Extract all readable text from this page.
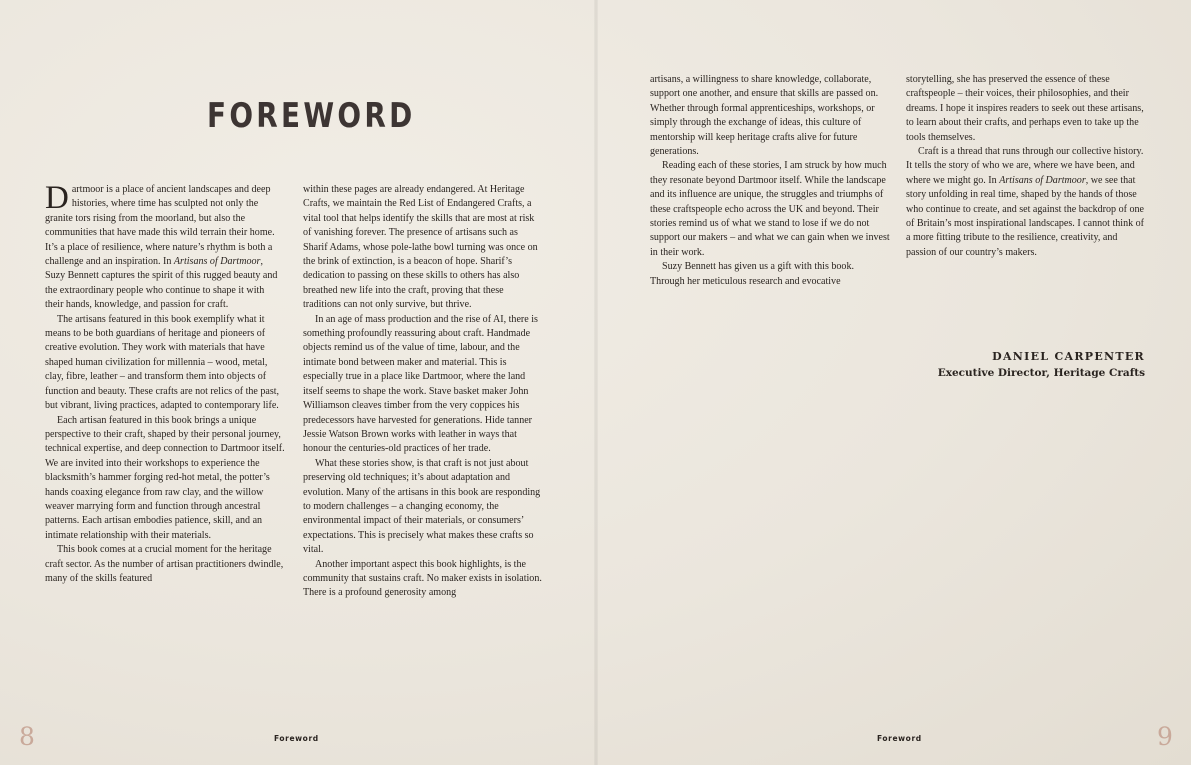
FOREWORD

Dartmoor is a place of ancient landscapes and deep histories, where time has sculpted not only the granite tors rising from the moorland, but also the communities that have made this wild terrain their home. It’s a place of resilience, where nature’s rhythm is both a challenge and an inspiration. In Artisans of Dartmoor, Suzy Bennett captures the spirit of this rugged beauty and the extraordinary people who continue to shape it with their hands, knowledge, and passion for craft.

The artisans featured in this book exemplify what it means to be both guardians of heritage and pioneers of creative evolution. They work with materials that have shaped human civilization for millennia – wood, metal, clay, fibre, leather – and transform them into objects of function and beauty. These crafts are not relics of the past, but vibrant, living practices, adapted to contemporary life.

Each artisan featured in this book brings a unique perspective to their craft, shaped by their personal journey, technical expertise, and deep connection to Dartmoor itself. We are invited into their workshops to experience the blacksmith’s hammer forging red-hot metal, the potter’s hands coaxing elegance from raw clay, and the willow weaver marrying form and function through ancestral patterns. Each artisan embodies patience, skill, and an intimate relationship with their materials.

This book comes at a crucial moment for the heritage craft sector. As the number of artisan practitioners dwindle, many of the skills featured

within these pages are already endangered. At Heritage Crafts, we maintain the Red List of Endangered Crafts, a vital tool that helps identify the skills that are most at risk of vanishing forever. The presence of artisans such as Sharif Adams, whose pole-lathe bowl turning was once on the brink of extinction, is a beacon of hope. Sharif’s dedication to passing on these skills to others has also breathed new life into the craft, proving that these traditions can not only survive, but thrive.

In an age of mass production and the rise of AI, there is something profoundly reassuring about craft. Handmade objects remind us of the value of time, labour, and the intimate bond between maker and material. This is especially true in a place like Dartmoor, where the land itself seems to shape the work. Stave basket maker John Williamson cleaves timber from the very coppices his predecessors have harvested for generations. Hide tanner Jessie Watson Brown works with leather in ways that honour the centuries-old practices of her trade.

What these stories show, is that craft is not just about preserving old techniques; it’s about adaptation and evolution. Many of the artisans in this book are responding to modern challenges – a changing economy, the environmental impact of their materials, or consumers’ expectations. This is precisely what makes these crafts so vital.

Another important aspect this book highlights, is the community that sustains craft. No maker exists in isolation. There is a profound generosity among

8	Foreword

artisans, a willingness to share knowledge, collaborate, support one another, and ensure that skills are passed on. Whether through formal apprenticeships, workshops, or simply through the exchange of ideas, this culture of mentorship will keep heritage crafts alive for future generations.

Reading each of these stories, I am struck by how much they resonate beyond Dartmoor itself. While the landscape and its influence are unique, the struggles and triumphs of these craftspeople echo across the UK and beyond. Their stories remind us of what we stand to lose if we do not support our makers – and what we can gain when we invest in their work.

Suzy Bennett has given us a gift with this book. Through her meticulous research and evocative

storytelling, she has preserved the essence of these craftspeople – their voices, their philosophies, and their dreams. I hope it inspires readers to seek out these artisans, to learn about their crafts, and perhaps even to take up the tools themselves.

Craft is a thread that runs through our collective history. It tells the story of who we are, where we have been, and where we might go. In Artisans of Dartmoor, we see that story unfolding in real time, shaped by the hands of those who continue to create, and set against the backdrop of one of Britain’s most inspirational landscapes. I cannot think of a more fitting tribute to the resilience, creativity, and passion of our country’s makers.

DANIEL CARPENTER
Executive Director, Heritage Crafts
Foreword	9
